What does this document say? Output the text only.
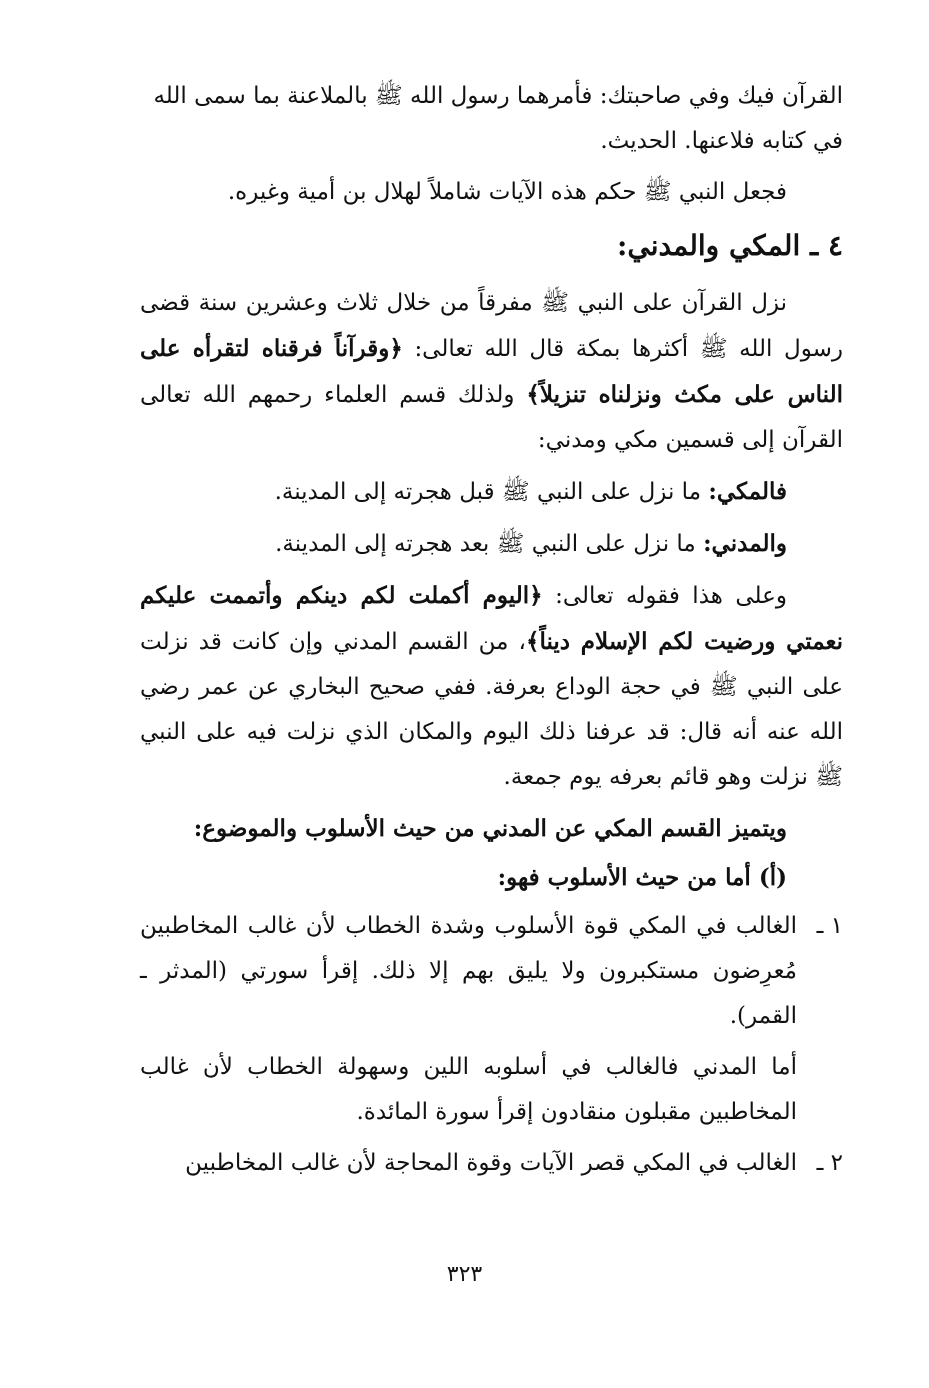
القرآن فيك وفي صاحبتك: فأمرهما رسول الله ﷺ بالملاعنة بما سمى الله
في كتابه فلاعنها. الحديث.

فجعل النبي ﷺ حكم هذه الآيات شاملاً لهلال بن أمية وغيره.

٤ ـ المكي والمدني:

نزل القرآن على النبي ﷺ مفرقاً من خلال ثلاث وعشرين سنة قضى رسول الله ﷺ أكثرها بمكة قال الله تعالى: ﴿وقرآناً فرقناه لتقرأه على الناس على مكث ونزلناه تنزيلاً﴾ ولذلك قسم العلماء رحمهم الله تعالى القرآن إلى قسمين مكي ومدني:

فالمكي: ما نزل على النبي ﷺ قبل هجرته إلى المدينة.

والمدني: ما نزل على النبي ﷺ بعد هجرته إلى المدينة.

وعلى هذا فقوله تعالى: ﴿اليوم أكملت لكم دينكم وأتممت عليكم نعمتي ورضيت لكم الإسلام ديناً﴾، من القسم المدني وإن كانت قد نزلت على النبي ﷺ في حجة الوداع بعرفة. ففي صحيح البخاري عن عمر رضي الله عنه أنه قال: قد عرفنا ذلك اليوم والمكان الذي نزلت فيه على النبي ﷺ نزلت وهو قائم بعرفه يوم جمعة.

ويتميز القسم المكي عن المدني من حيث الأسلوب والموضوع:

(أ) أما من حيث الأسلوب فهو:

١ ـ
الغالب في المكي قوة الأسلوب وشدة الخطاب لأن غالب المخاطبين مُعرِضون مستكبرون ولا يليق بهم إلا ذلك. إقرأ سورتي (المدثر ـ القمر).

أما المدني فالغالب في أسلوبه اللين وسهولة الخطاب لأن غالب المخاطبين مقبلون منقادون إقرأ سورة المائدة.

٢ ـ
الغالب في المكي قصر الآيات وقوة المحاجة لأن غالب المخاطبين
٣٢٣
